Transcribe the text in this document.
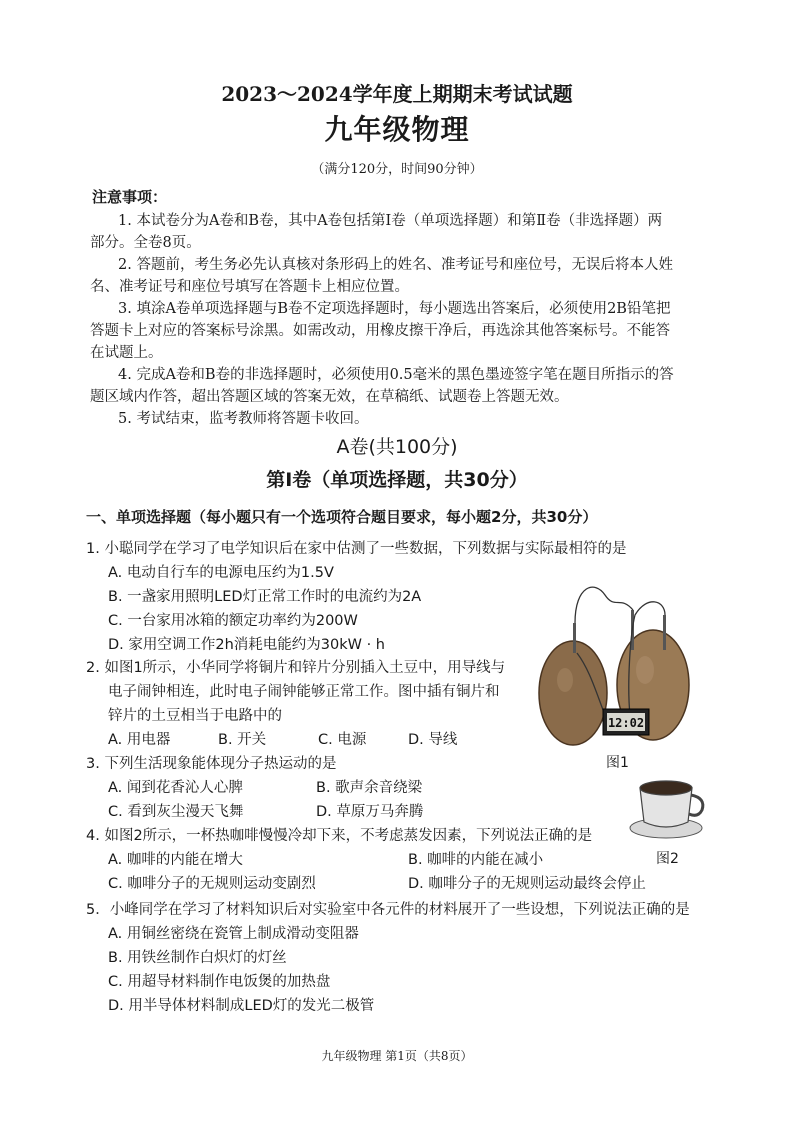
2023～2024学年度上期期末考试试题
九年级物理
（满分120分，时间90分钟）
注意事项：
1. 本试卷分为A卷和B卷，其中A卷包括第Ⅰ卷（单项选择题）和第Ⅱ卷（非选择题）两
部分。全卷8页。
2. 答题前，考生务必先认真核对条形码上的姓名、准考证号和座位号，无误后将本人姓
名、准考证号和座位号填写在答题卡上相应位置。
3. 填涂A卷单项选择题与B卷不定项选择题时，每小题选出答案后，必须使用2B铅笔把
答题卡上对应的答案标号涂黑。如需改动，用橡皮擦干净后，再选涂其他答案标号。不能答
在试题上。
4. 完成A卷和B卷的非选择题时，必须使用0.5毫米的黑色墨迹签字笔在题目所指示的答
题区域内作答，超出答题区域的答案无效，在草稿纸、试题卷上答题无效。
5. 考试结束，监考教师将答题卡收回。
A卷(共100分)
第Ⅰ卷（单项选择题，共30分）
一、单项选择题（每小题只有一个选项符合题目要求，每小题2分，共30分）
1. 小聪同学在学习了电学知识后在家中估测了一些数据，下列数据与实际最相符的是
A. 电动自行车的电源电压约为1.5V
B. 一盏家用照明LED灯正常工作时的电流约为2A
C. 一台家用冰箱的额定功率约为200W
D. 家用空调工作2h消耗电能约为30kW · h
2. 如图1所示，小华同学将铜片和锌片分别插入土豆中，用导线与
电子闹钟相连，此时电子闹钟能够正常工作。图中插有铜片和
锌片的土豆相当于电路中的
A. 用电器	B. 开关	C. 电源	D. 导线
12:02
图1
3. 下列生活现象能体现分子热运动的是
A. 闻到花香沁人心脾	B. 歌声余音绕梁
C. 看到灰尘漫天飞舞	D. 草原万马奔腾
4. 如图2所示，一杯热咖啡慢慢冷却下来，不考虑蒸发因素，下列说法正确的是
A. 咖啡的内能在增大	B. 咖啡的内能在减小	图2
C. 咖啡分子的无规则运动变剧烈	D. 咖啡分子的无规则运动最终会停止
5．小峰同学在学习了材料知识后对实验室中各元件的材料展开了一些设想，下列说法正确的是
A. 用铜丝密绕在瓷管上制成滑动变阻器
B. 用铁丝制作白炽灯的灯丝
C. 用超导材料制作电饭煲的加热盘
D. 用半导体材料制成LED灯的发光二极管
九年级物理 第1页（共8页）
